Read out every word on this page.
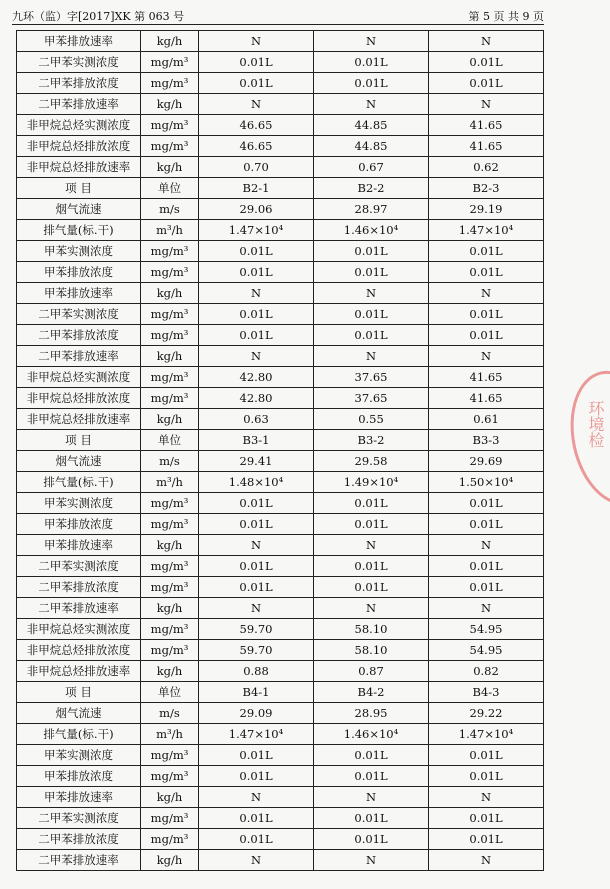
九环（监）字[2017]XK 第 063 号	第 5 页 共 9 页
甲苯排放速率	kg/h	N	N	N
二甲苯实测浓度	mg/m³	0.01L	0.01L	0.01L
二甲苯排放浓度	mg/m³	0.01L	0.01L	0.01L
二甲苯排放速率	kg/h	N	N	N
非甲烷总烃实测浓度	mg/m³	46.65	44.85	41.65
非甲烷总烃排放浓度	mg/m³	46.65	44.85	41.65
非甲烷总烃排放速率	kg/h	0.70	0.67	0.62
项 目	单位	B2-1	B2-2	B2-3
烟气流速	m/s	29.06	28.97	29.19
排气量(标.干)	m³/h	1.47×10⁴	1.46×10⁴	1.47×10⁴
甲苯实测浓度	mg/m³	0.01L	0.01L	0.01L
甲苯排放浓度	mg/m³	0.01L	0.01L	0.01L
甲苯排放速率	kg/h	N	N	N
二甲苯实测浓度	mg/m³	0.01L	0.01L	0.01L
二甲苯排放浓度	mg/m³	0.01L	0.01L	0.01L
二甲苯排放速率	kg/h	N	N	N
非甲烷总烃实测浓度	mg/m³	42.80	37.65	41.65
非甲烷总烃排放浓度	mg/m³	42.80	37.65	41.65
非甲烷总烃排放速率	kg/h	0.63	0.55	0.61
项 目	单位	B3-1	B3-2	B3-3
烟气流速	m/s	29.41	29.58	29.69
排气量(标.干)	m³/h	1.48×10⁴	1.49×10⁴	1.50×10⁴
甲苯实测浓度	mg/m³	0.01L	0.01L	0.01L
甲苯排放浓度	mg/m³	0.01L	0.01L	0.01L
甲苯排放速率	kg/h	N	N	N
二甲苯实测浓度	mg/m³	0.01L	0.01L	0.01L
二甲苯排放浓度	mg/m³	0.01L	0.01L	0.01L
二甲苯排放速率	kg/h	N	N	N
非甲烷总烃实测浓度	mg/m³	59.70	58.10	54.95
非甲烷总烃排放浓度	mg/m³	59.70	58.10	54.95
非甲烷总烃排放速率	kg/h	0.88	0.87	0.82
项 目	单位	B4-1	B4-2	B4-3
烟气流速	m/s	29.09	28.95	29.22
排气量(标.干)	m³/h	1.47×10⁴	1.46×10⁴	1.47×10⁴
甲苯实测浓度	mg/m³	0.01L	0.01L	0.01L
甲苯排放浓度	mg/m³	0.01L	0.01L	0.01L
甲苯排放速率	kg/h	N	N	N
二甲苯实测浓度	mg/m³	0.01L	0.01L	0.01L
二甲苯排放浓度	mg/m³	0.01L	0.01L	0.01L
二甲苯排放速率	kg/h	N	N	N
环境检
